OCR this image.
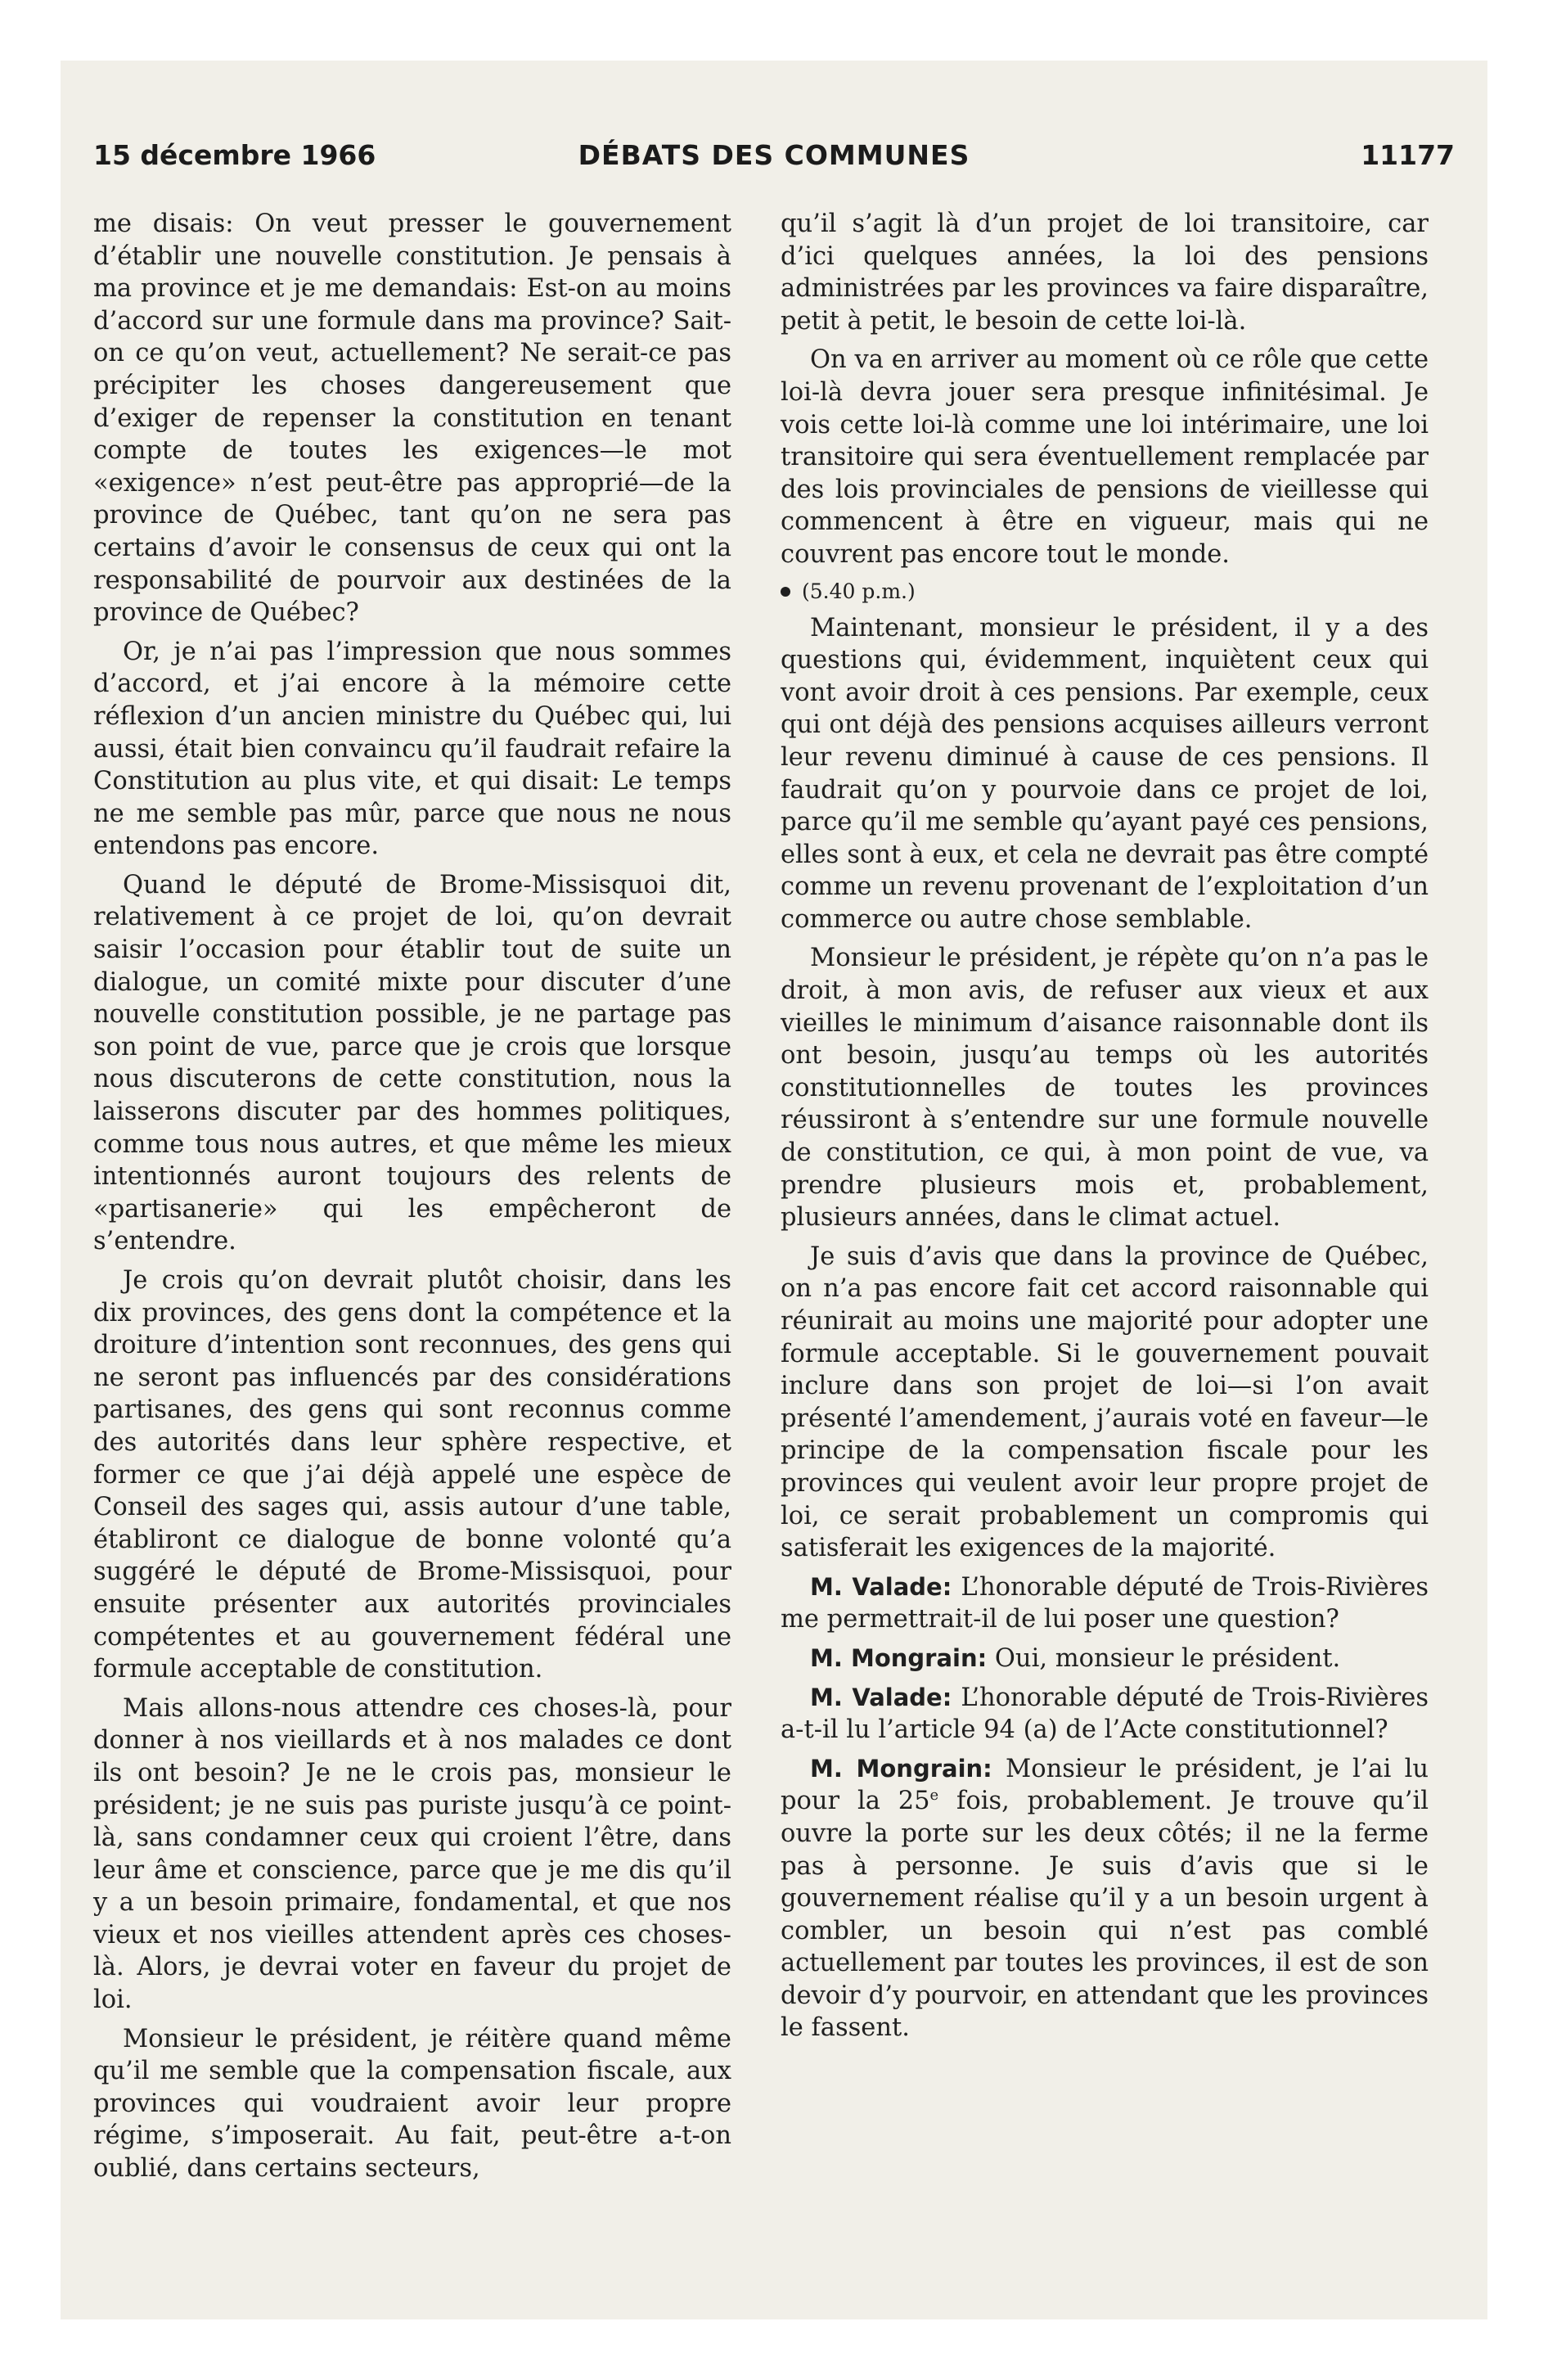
15 décembre 1966	DÉBATS DES COMMUNES	11177

me disais: On veut presser le gouvernement d’établir une nouvelle constitution. Je pensais à ma province et je me demandais: Est-on au moins d’accord sur une formule dans ma province? Sait-on ce qu’on veut, actuellement? Ne serait-ce pas précipiter les choses dangereusement que d’exiger de repenser la constitution en tenant compte de toutes les exigences—le mot «exigence» n’est peut-être pas approprié—de la province de Québec, tant qu’on ne sera pas certains d’avoir le consensus de ceux qui ont la responsabilité de pourvoir aux destinées de la province de Québec?

Or, je n’ai pas l’impression que nous sommes d’accord, et j’ai encore à la mémoire cette réflexion d’un ancien ministre du Québec qui, lui aussi, était bien convaincu qu’il faudrait refaire la Constitution au plus vite, et qui disait: Le temps ne me semble pas mûr, parce que nous ne nous entendons pas encore.

Quand le député de Brome-Missisquoi dit, relativement à ce projet de loi, qu’on devrait saisir l’occasion pour établir tout de suite un dialogue, un comité mixte pour discuter d’une nouvelle constitution possible, je ne partage pas son point de vue, parce que je crois que lorsque nous discuterons de cette constitution, nous la laisserons discuter par des hommes politiques, comme tous nous autres, et que même les mieux intentionnés auront toujours des relents de «partisanerie» qui les empêcheront de s’entendre.

Je crois qu’on devrait plutôt choisir, dans les dix provinces, des gens dont la compétence et la droiture d’intention sont reconnues, des gens qui ne seront pas influencés par des considérations partisanes, des gens qui sont reconnus comme des autorités dans leur sphère respective, et former ce que j’ai déjà appelé une espèce de Conseil des sages qui, assis autour d’une table, établiront ce dialogue de bonne volonté qu’a suggéré le député de Brome-Missisquoi, pour ensuite présenter aux autorités provinciales compétentes et au gouvernement fédéral une formule acceptable de constitution.

Mais allons-nous attendre ces choses-là, pour donner à nos vieillards et à nos malades ce dont ils ont besoin? Je ne le crois pas, monsieur le président; je ne suis pas puriste jusqu’à ce point-là, sans condamner ceux qui croient l’être, dans leur âme et conscience, parce que je me dis qu’il y a un besoin primaire, fondamental, et que nos vieux et nos vieilles attendent après ces choses-là. Alors, je devrai voter en faveur du projet de loi.

Monsieur le président, je réitère quand même qu’il me semble que la compensation fiscale, aux provinces qui voudraient avoir leur propre régime, s’imposerait. Au fait, peut-être a-t-on oublié, dans certains secteurs,

qu’il s’agit là d’un projet de loi transitoire, car d’ici quelques années, la loi des pensions administrées par les provinces va faire disparaître, petit à petit, le besoin de cette loi-là.

On va en arriver au moment où ce rôle que cette loi-là devra jouer sera presque infinitésimal. Je vois cette loi-là comme une loi intérimaire, une loi transitoire qui sera éventuellement remplacée par des lois provinciales de pensions de vieillesse qui commencent à être en vigueur, mais qui ne couvrent pas encore tout le monde.

(5.40 p.m.)

Maintenant, monsieur le président, il y a des questions qui, évidemment, inquiètent ceux qui vont avoir droit à ces pensions. Par exemple, ceux qui ont déjà des pensions acquises ailleurs verront leur revenu diminué à cause de ces pensions. Il faudrait qu’on y pourvoie dans ce projet de loi, parce qu’il me semble qu’ayant payé ces pensions, elles sont à eux, et cela ne devrait pas être compté comme un revenu provenant de l’exploitation d’un commerce ou autre chose semblable.

Monsieur le président, je répète qu’on n’a pas le droit, à mon avis, de refuser aux vieux et aux vieilles le minimum d’aisance raisonnable dont ils ont besoin, jusqu’au temps où les autorités constitutionnelles de toutes les provinces réussiront à s’entendre sur une formule nouvelle de constitution, ce qui, à mon point de vue, va prendre plusieurs mois et, probablement, plusieurs années, dans le climat actuel.

Je suis d’avis que dans la province de Québec, on n’a pas encore fait cet accord raisonnable qui réunirait au moins une majorité pour adopter une formule acceptable. Si le gouvernement pouvait inclure dans son projet de loi—si l’on avait présenté l’amendement, j’aurais voté en faveur—le principe de la compensation fiscale pour les provinces qui veulent avoir leur propre projet de loi, ce serait probablement un compromis qui satisferait les exigences de la majorité.

M. Valade: L’honorable député de Trois-Rivières me permettrait-il de lui poser une question?

M. Mongrain: Oui, monsieur le président.

M. Valade: L’honorable député de Trois-Rivières a-t-il lu l’article 94 (a) de l’Acte constitutionnel?

M. Mongrain: Monsieur le président, je l’ai lu pour la 25e fois, probablement. Je trouve qu’il ouvre la porte sur les deux côtés; il ne la ferme pas à personne. Je suis d’avis que si le gouvernement réalise qu’il y a un besoin urgent à combler, un besoin qui n’est pas comblé actuellement par toutes les provinces, il est de son devoir d’y pourvoir, en attendant que les provinces le fassent.
